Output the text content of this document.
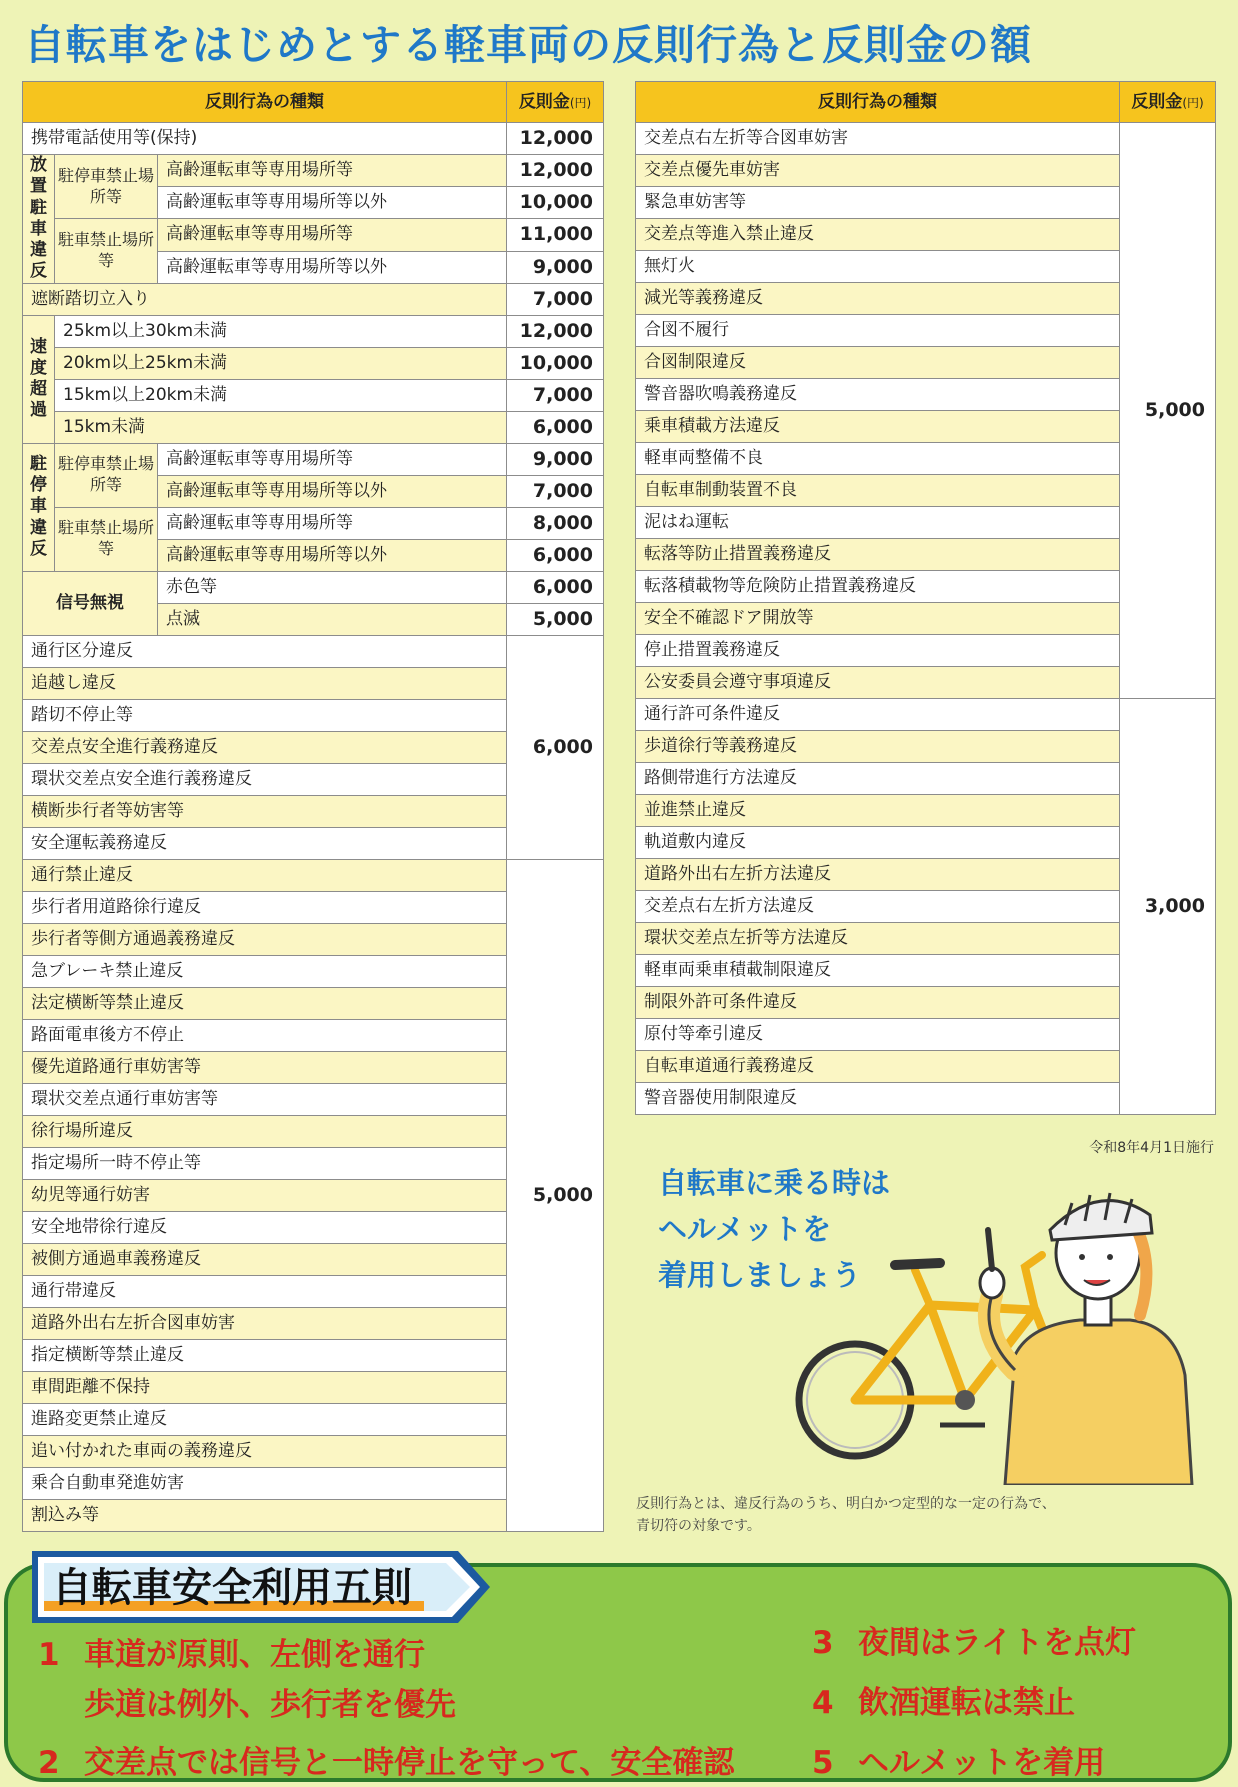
自転車をはじめとする軽車両の反則行為と反則金の額
反則行為の種類			反則金(円)
携帯電話使用等(保持)			12,000
放置駐車違反	駐停車禁止場所等	高齢運転車等専用場所等	12,000
		高齢運転車等専用場所等以外	10,000
	駐車禁止場所等	高齢運転車等専用場所等	11,000
		高齢運転車等専用場所等以外	9,000
遮断踏切立入り			7,000
速度超過	25km以上30km未満		12,000
	20km以上25km未満		10,000
	15km以上20km未満		7,000
	15km未満		6,000
駐停車違反	駐停車禁止場所等	高齢運転車等専用場所等	9,000
		高齢運転車等専用場所等以外	7,000
	駐車禁止場所等	高齢運転車等専用場所等	8,000
		高齢運転車等専用場所等以外	6,000
信号無視		赤色等	6,000
		点滅	5,000
通行区分違反			6,000
追越し違反			
踏切不停止等			
交差点安全進行義務違反			
環状交差点安全進行義務違反			
横断歩行者等妨害等			
安全運転義務違反			
通行禁止違反			5,000
歩行者用道路徐行違反			
歩行者等側方通過義務違反			
急ブレーキ禁止違反			
法定横断等禁止違反			
路面電車後方不停止			
優先道路通行車妨害等			
環状交差点通行車妨害等			
徐行場所違反			
指定場所一時不停止等			
幼児等通行妨害			
安全地帯徐行違反			
被側方通過車義務違反			
通行帯違反			
道路外出右左折合図車妨害			
指定横断等禁止違反			
車間距離不保持			
進路変更禁止違反			
追い付かれた車両の義務違反			
乗合自動車発進妨害			
割込み等			
反則行為の種類	反則金(円)
交差点右左折等合図車妨害	5,000
交差点優先車妨害	
緊急車妨害等	
交差点等進入禁止違反	
無灯火	
減光等義務違反	
合図不履行	
合図制限違反	
警音器吹鳴義務違反	
乗車積載方法違反	
軽車両整備不良	
自転車制動装置不良	
泥はね運転	
転落等防止措置義務違反	
転落積載物等危険防止措置義務違反	
安全不確認ドア開放等	
停止措置義務違反	
公安委員会遵守事項違反	
通行許可条件違反	3,000
歩道徐行等義務違反	
路側帯進行方法違反	
並進禁止違反	
軌道敷内違反	
道路外出右左折方法違反	
交差点右左折方法違反	
環状交差点左折等方法違反	
軽車両乗車積載制限違反	
制限外許可条件違反	
原付等牽引違反	
自転車道通行義務違反	
警音器使用制限違反	
令和8年4月1日施行
自転車に乗る時は
ヘルメットを
着用しましょう
反則行為とは、違反行為のうち、明白かつ定型的な一定の行為で、
青切符の対象です。
1 車道が原則、左側を通行
歩道は例外、歩行者を優先
2 交差点では信号と一時停止を守って、安全確認
3 夜間はライトを点灯
4 飲酒運転は禁止
5 ヘルメットを着用
自転車安全利用五則
